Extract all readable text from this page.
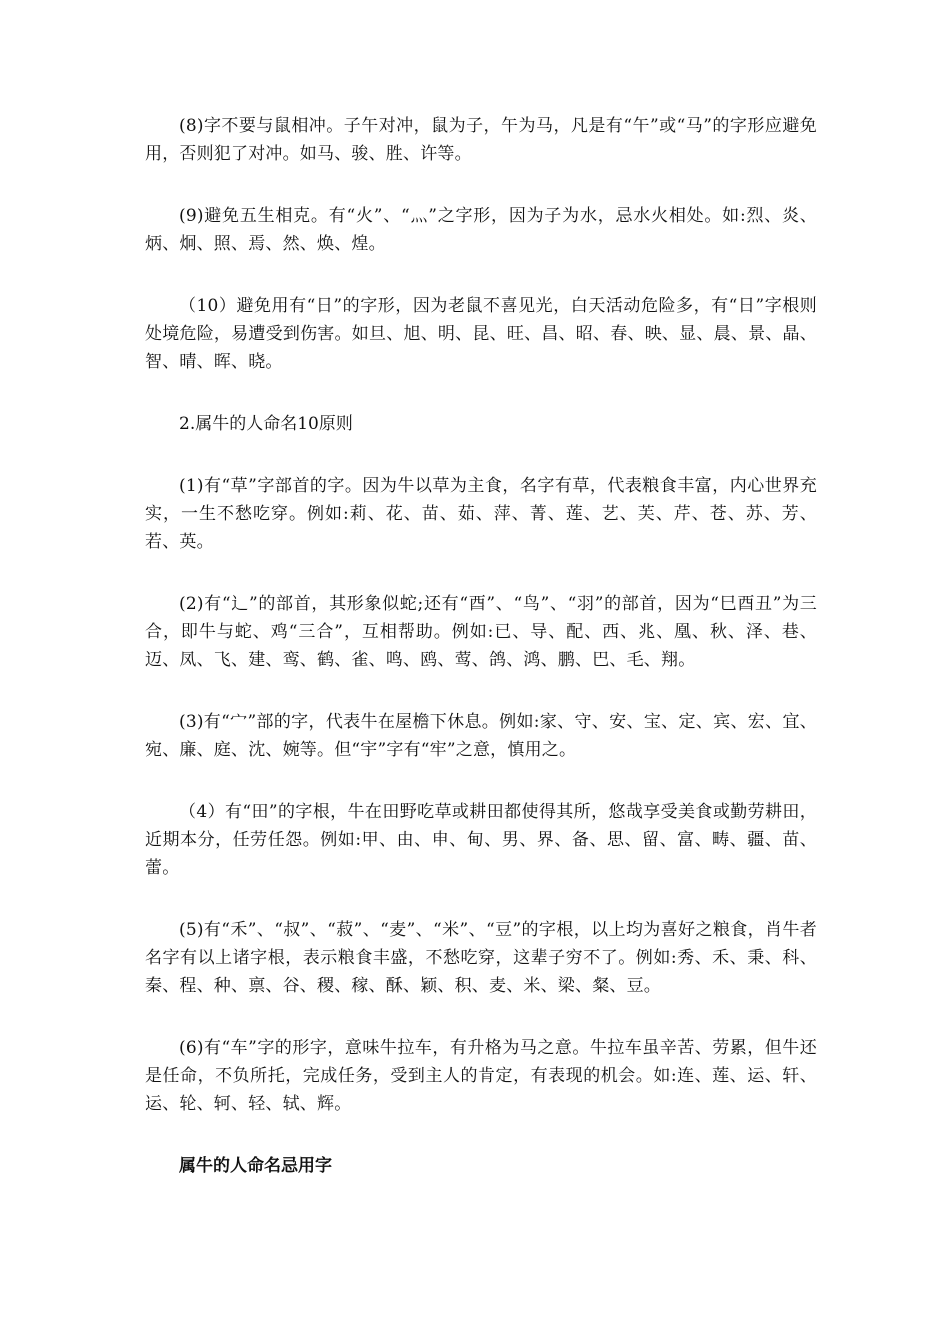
(8)字不要与鼠相冲。子午对冲，鼠为子，午为马，凡是有“午”或“马”的字形应避免用，否则犯了对冲。如马、骏、胜、许等。

(9)避免五生相克。有“火”、“灬”之字形，因为子为水，忌水火相处。如:烈、炎、炳、炯、照、焉、然、焕、煌。

（10）避免用有“日”的字形，因为老鼠不喜见光，白天活动危险多，有“日”字根则处境危险，易遭受到伤害。如旦、旭、明、昆、旺、昌、昭、春、映、显、晨、景、晶、智、晴、晖、晓。

2.属牛的人命名10原则

(1)有“草”字部首的字。因为牛以草为主食，名字有草，代表粮食丰富，内心世界充实，一生不愁吃穿。例如:莉、花、苗、茹、萍、菁、莲、艺、芙、芹、苍、苏、芳、若、英。

(2)有“辶”的部首，其形象似蛇;还有“酉”、“鸟”、“羽”的部首，因为“巳酉丑”为三合，即牛与蛇、鸡“三合”，互相帮助。例如:已、导、配、西、兆、凰、秋、泽、巷、迈、凤、飞、建、鸾、鹤、雀、鸣、鸥、莺、鸽、鸿、鹏、巴、毛、翔。

(3)有“宀”部的字，代表牛在屋檐下休息。例如:家、守、安、宝、定、宾、宏、宜、宛、廉、庭、沈、婉等。但“宇”字有“牢”之意，慎用之。

（4）有“田”的字根，牛在田野吃草或耕田都使得其所，悠哉享受美食或勤劳耕田，近期本分，任劳任怨。例如:甲、由、申、甸、男、界、备、思、留、富、畴、疆、苗、蕾。

(5)有“禾”、“叔”、“菽”、“麦”、“米”、“豆”的字根，以上均为喜好之粮食，肖牛者名字有以上诸字根，表示粮食丰盛，不愁吃穿，这辈子穷不了。例如:秀、禾、秉、科、秦、程、种、禀、谷、稷、稼、酥、颖、积、麦、米、梁、粲、豆。

(6)有“车”字的形字，意味牛拉车，有升格为马之意。牛拉车虽辛苦、劳累，但牛还是任命，不负所托，完成任务，受到主人的肯定，有表现的机会。如:连、莲、运、轩、运、轮、轲、轻、轼、辉。

属牛的人命名忌用字
